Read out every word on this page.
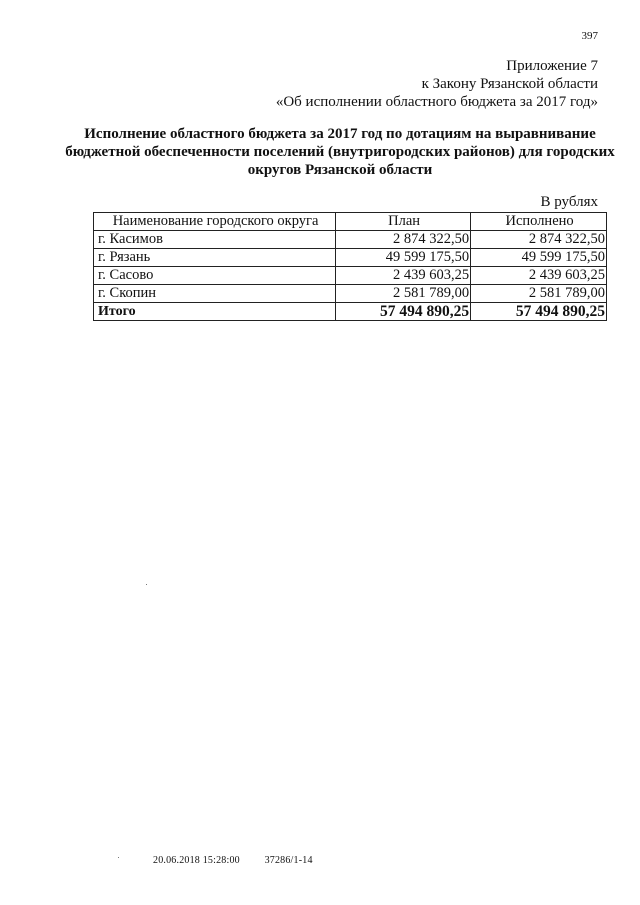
397
Приложение 7
к Закону Рязанской области
«Об исполнении областного бюджета за 2017 год»
Исполнение областного бюджета за 2017 год по дотациям на выравнивание бюджетной обеспеченности поселений (внутригородских районов) для городских округов Рязанской области
В рублях
Наименование городского округа	План	Исполнено
г. Касимов	2 874 322,50	2 874 322,50
г. Рязань	49 599 175,50	49 599 175,50
г. Сасово	2 439 603,25	2 439 603,25
г. Скопин	2 581 789,00	2 581 789,00
Итого	57 494 890,25	57 494 890,25
20.06.2018 15:28:00 37286/1-14
